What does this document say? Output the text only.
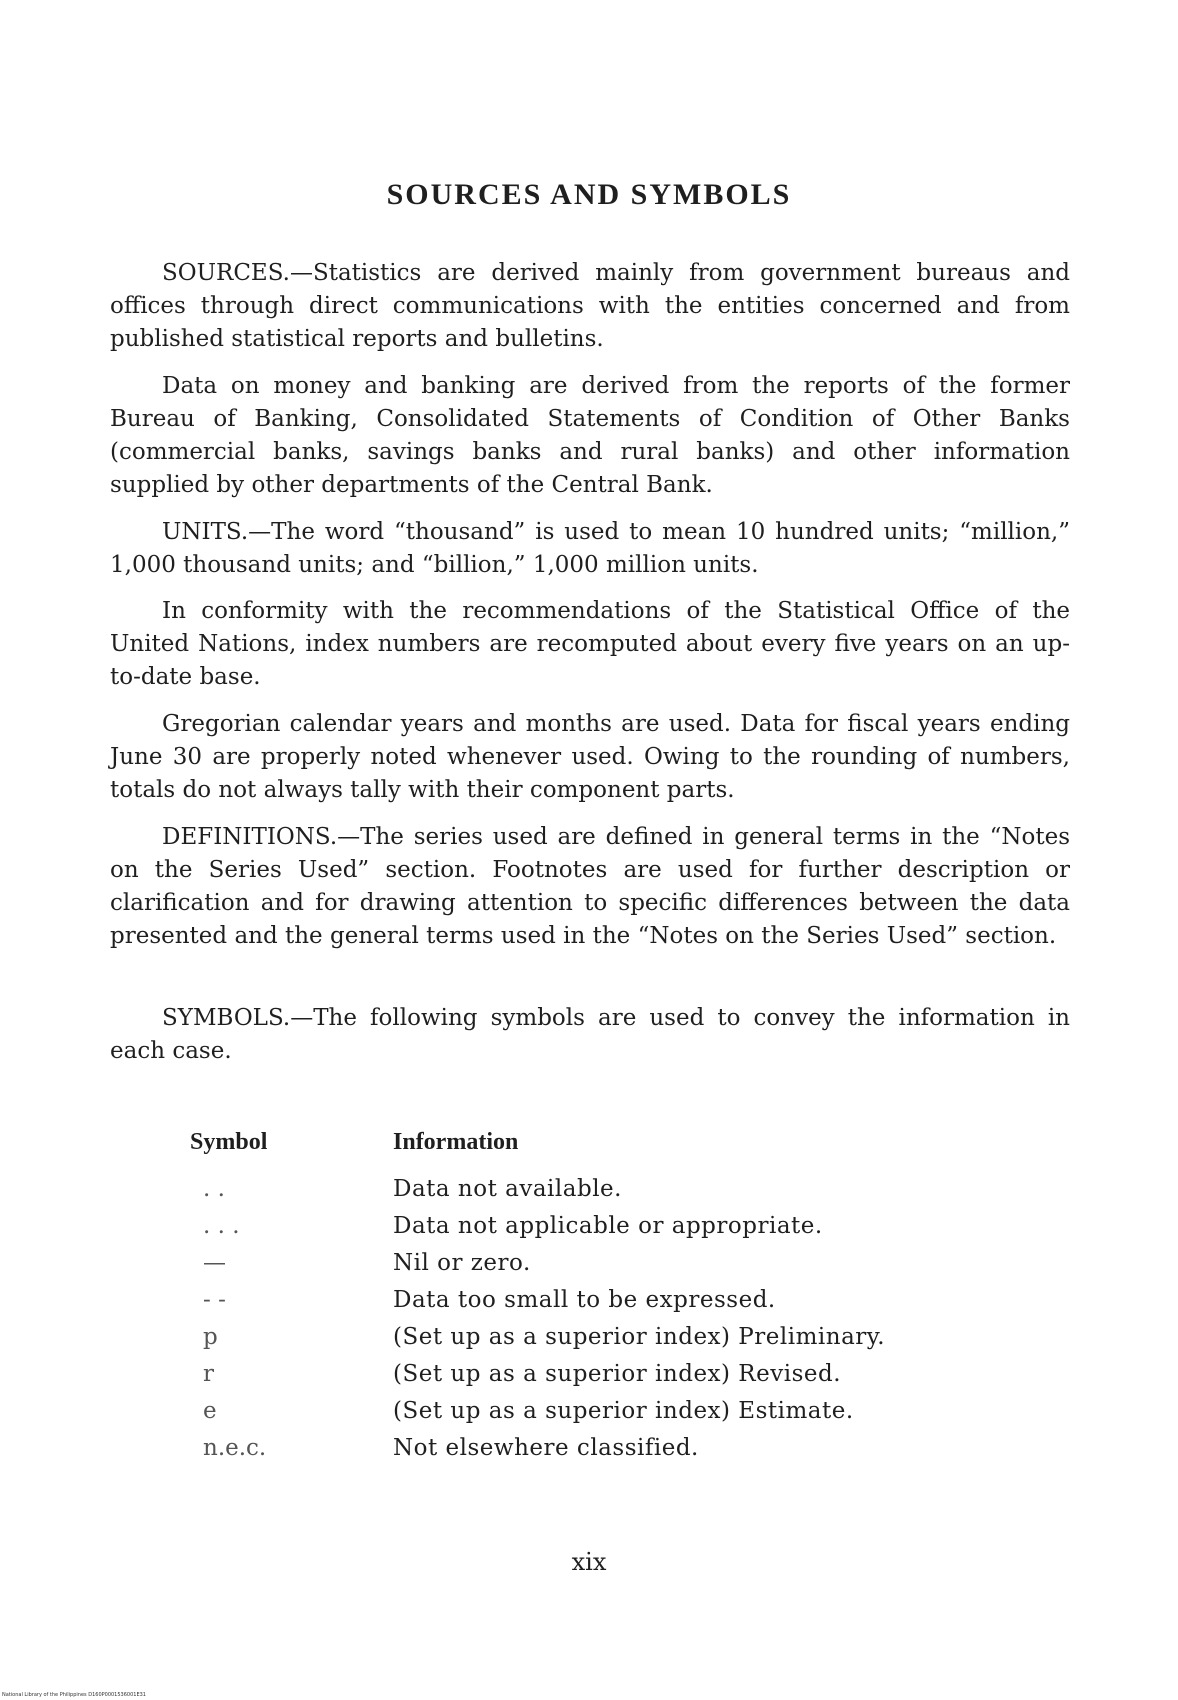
SOURCES AND SYMBOLS

SOURCES.—Statistics are derived mainly from government bureaus and offices through direct communications with the entities concerned and from published statistical reports and bulletins.

Data on money and banking are derived from the reports of the former Bureau of Banking, Consolidated Statements of Condition of Other Banks (commercial banks, savings banks and rural banks) and other information supplied by other departments of the Central Bank.

UNITS.—The word “thousand” is used to mean 10 hundred units; “million,” 1,000 thousand units; and “billion,” 1,000 million units.

In conformity with the recommendations of the Statistical Office of the United Nations, index numbers are recomputed about every five years on an up-to-date base.

Gregorian calendar years and months are used. Data for fiscal years ending June 30 are properly noted whenever used. Owing to the rounding of numbers, totals do not always tally with their component parts.

DEFINITIONS.—The series used are defined in general terms in the “Notes on the Series Used” section. Footnotes are used for further description or clarification and for drawing attention to specific differences between the data presented and the general terms used in the “Notes on the Series Used” section.

SYMBOLS.—The following symbols are used to convey the information in each case.

Symbol	Information
. .	Data not available.
. . .	Data not applicable or appropriate.
—	Nil or zero.
- -	Data too small to be expressed.
p	(Set up as a superior index) Preliminary.
r	(Set up as a superior index) Revised.
e	(Set up as a superior index) Estimate.
n.e.c.	Not elsewhere classified.

xix

National Library of the Philippines D160P0001536001E31
